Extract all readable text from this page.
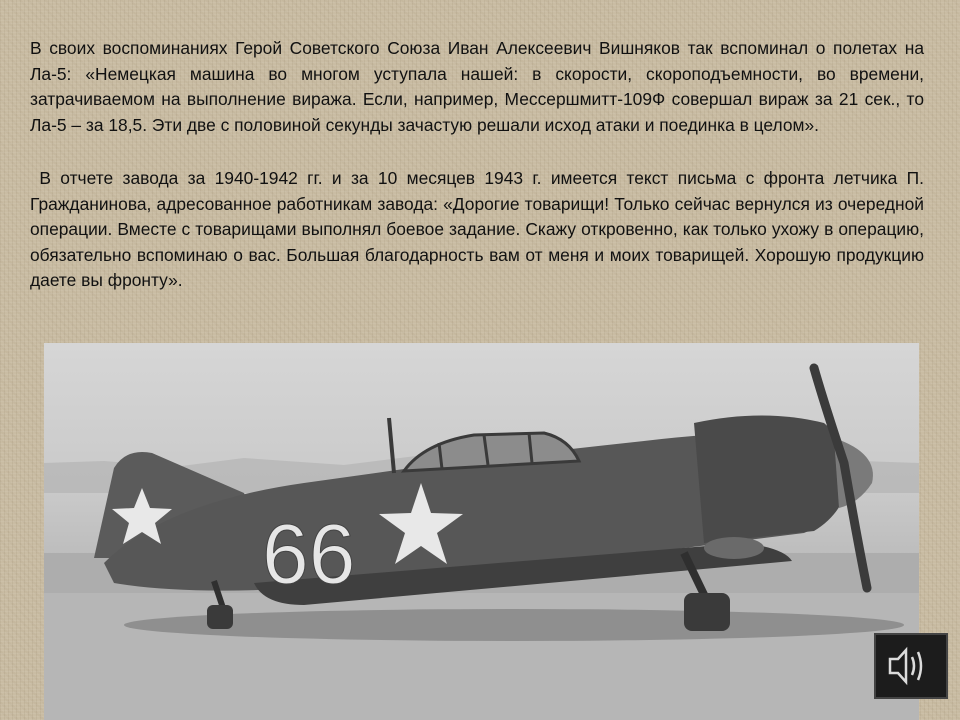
В своих воспоминаниях Герой Советского Союза Иван Алексеевич Вишняков так вспоминал о полетах на Ла-5: «Немецкая машина во многом уступала нашей: в скорости, скороподъемности, во времени, затрачиваемом на выполнение виража. Если, например, Мессершмитт-109Ф совершал вираж за 21 сек., то Ла-5 – за 18,5. Эти две с половиной секунды зачастую решали исход атаки и поединка в целом».

В отчете завода за 1940-1942 гг. и за 10 месяцев 1943 г. имеется текст письма с фронта летчика П. Гражданинова, адресованное работникам завода: «Дорогие товарищи! Только сейчас вернулся из очередной операции. Вместе с товарищами выполнял боевое задание. Скажу откровенно, как только ухожу в операцию, обязательно вспоминаю о вас. Большая благодарность вам от меня и моих товарищей. Хорошую продукцию даете вы фронту».

66
